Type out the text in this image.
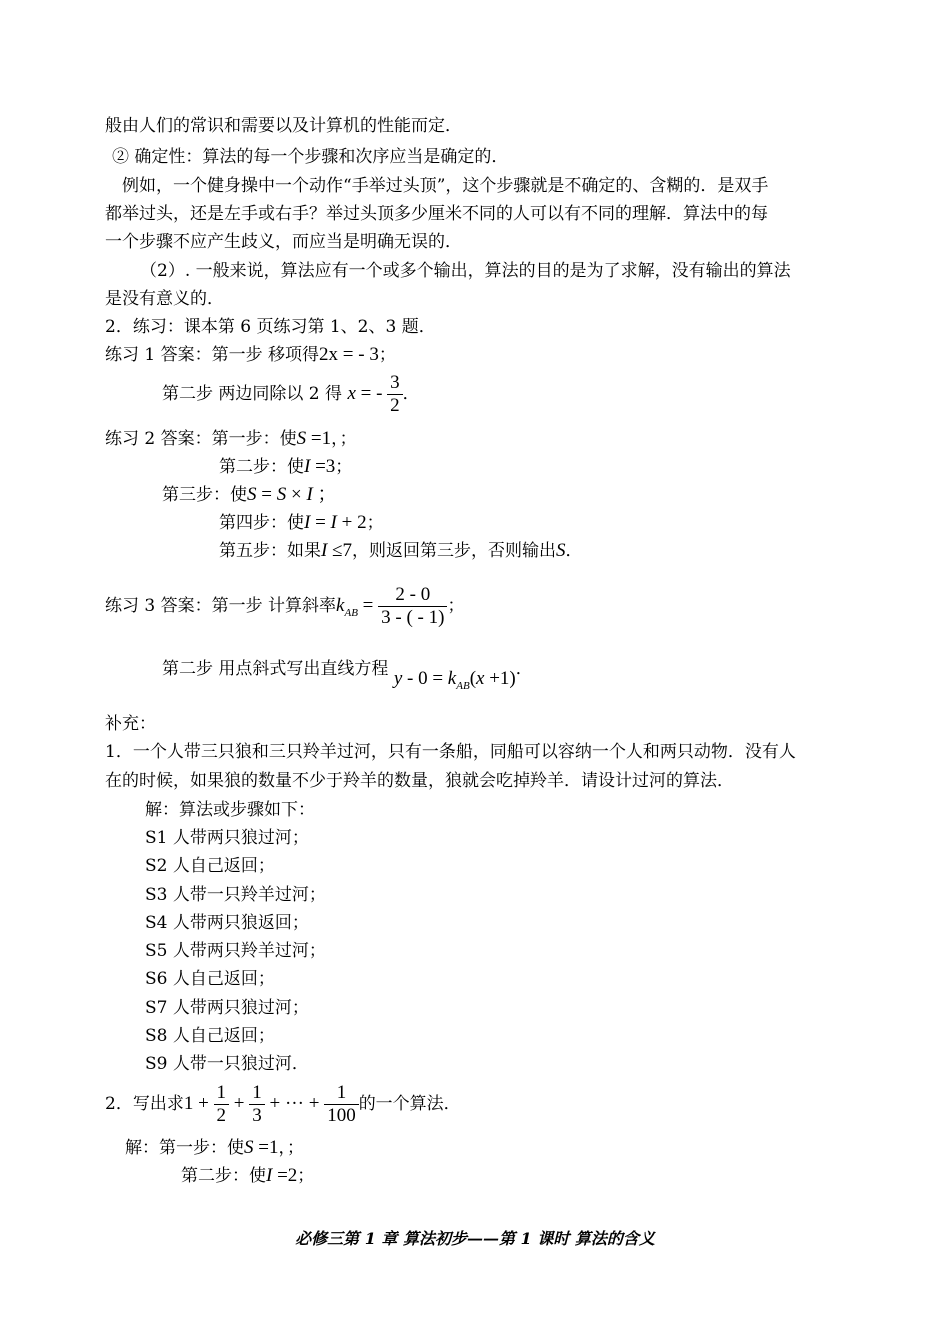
般由人们的常识和需要以及计算机的性能而定．
② 确定性：算法的每一个步骤和次序应当是确定的．
例如，一个健身操中一个动作“手举过头顶”，这个步骤就是不确定的、含糊的．是双手
都举过头，还是左手或右手？举过头顶多少厘米不同的人可以有不同的理解．算法中的每
一个步骤不应产生歧义，而应当是明确无误的．
（2）. 一般来说，算法应有一个或多个输出，算法的目的是为了求解，没有输出的算法
是没有意义的．
2．练习：课本第 6 页练习第 1、2、3 题．
练习 1 答案：第一步 移项得2x = - 3；
第二步 两边同除以 2 得 x = - $\frac{3}{2}$ ．
练习 2 答案：第一步：使S =1，；
第二步：使I =3；
第三步：使S = S × I ；
第四步：使I = I + 2；
第五步：如果I ≤7，则返回第三步，否则输出S．
练习 3 答案：第一步 计算斜率$k_{AB} = \frac{2 - 0}{3 - ( - 1)}$ ；
第二步 用点斜式写出直线方程 $y - 0 = k_{AB}(x +1)$．
补充：
1．一个人带三只狼和三只羚羊过河，只有一条船，同船可以容纳一个人和两只动物．没有人
在的时候，如果狼的数量不少于羚羊的数量，狼就会吃掉羚羊．请设计过河的算法．
解：算法或步骤如下：
S1 人带两只狼过河；
S2 人自己返回；
S3 人带一只羚羊过河；
S4 人带两只狼返回；
S5 人带两只羚羊过河；
S6 人自己返回；
S7 人带两只狼过河；
S8 人自己返回；
S9 人带一只狼过河．
2．写出求$1 + \frac{1}{2} + \frac{1}{3}$ + ··· + $\frac{1}{100}$ 的一个算法．
解：第一步：使S =1，；
第二步：使I =2；
必修三第 1 章 算法初步——第 1 课时 算法的含义
